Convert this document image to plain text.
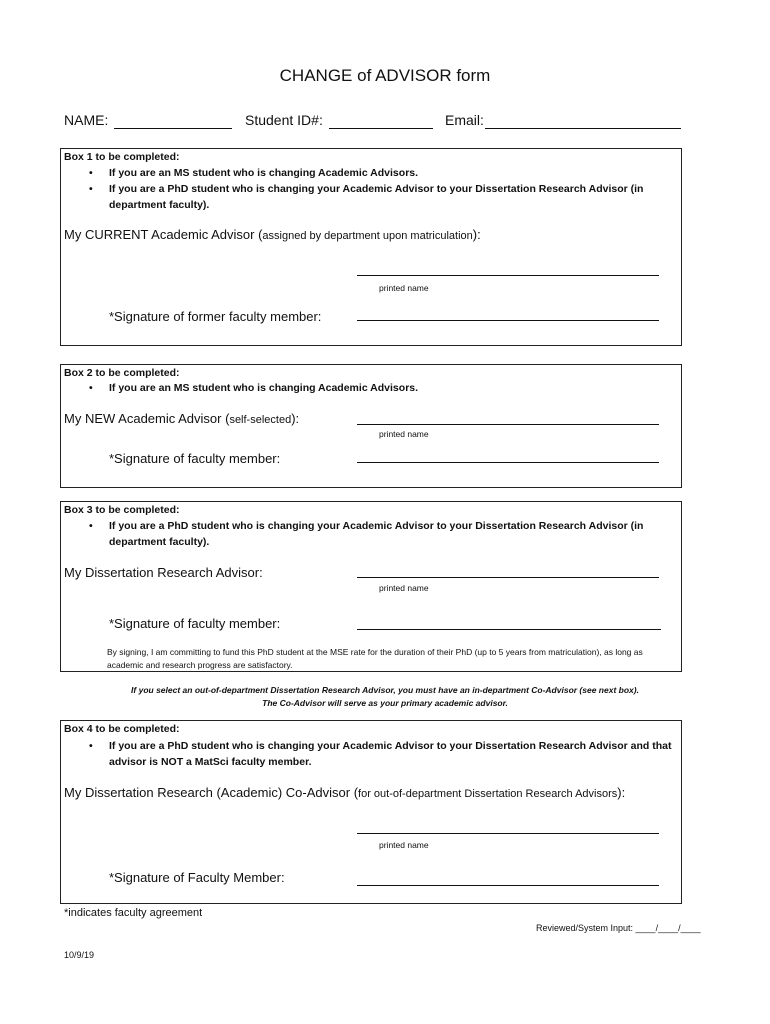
CHANGE of ADVISOR form
NAME:	Student ID#:	Email:
Box 1 to be completed:
• If you are an MS student who is changing Academic Advisors.
• If you are a PhD student who is changing your Academic Advisor to your Dissertation Research Advisor (in department faculty).
My CURRENT Academic Advisor (assigned by department upon matriculation):
printed name
*Signature of former faculty member:
Box 2 to be completed:
• If you are an MS student who is changing Academic Advisors.
My NEW Academic Advisor (self-selected):
printed name
*Signature of faculty member:
Box 3 to be completed:
• If you are a PhD student who is changing your Academic Advisor to your Dissertation Research Advisor (in department faculty).
My Dissertation Research Advisor:
printed name
*Signature of faculty member:
By signing, I am committing to fund this PhD student at the MSE rate for the duration of their PhD (up to 5 years from matriculation), as long as academic and research progress are satisfactory.
If you select an out-of-department Dissertation Research Advisor, you must have an in-department Co-Advisor (see next box).
The Co-Advisor will serve as your primary academic advisor.
Box 4 to be completed:
• If you are a PhD student who is changing your Academic Advisor to your Dissertation Research Advisor and that advisor is NOT a MatSci faculty member.
My Dissertation Research (Academic) Co-Advisor (for out-of-department Dissertation Research Advisors):
printed name
*Signature of Faculty Member:
*indicates faculty agreement
Reviewed/System Input: ____/____/____
10/9/19
